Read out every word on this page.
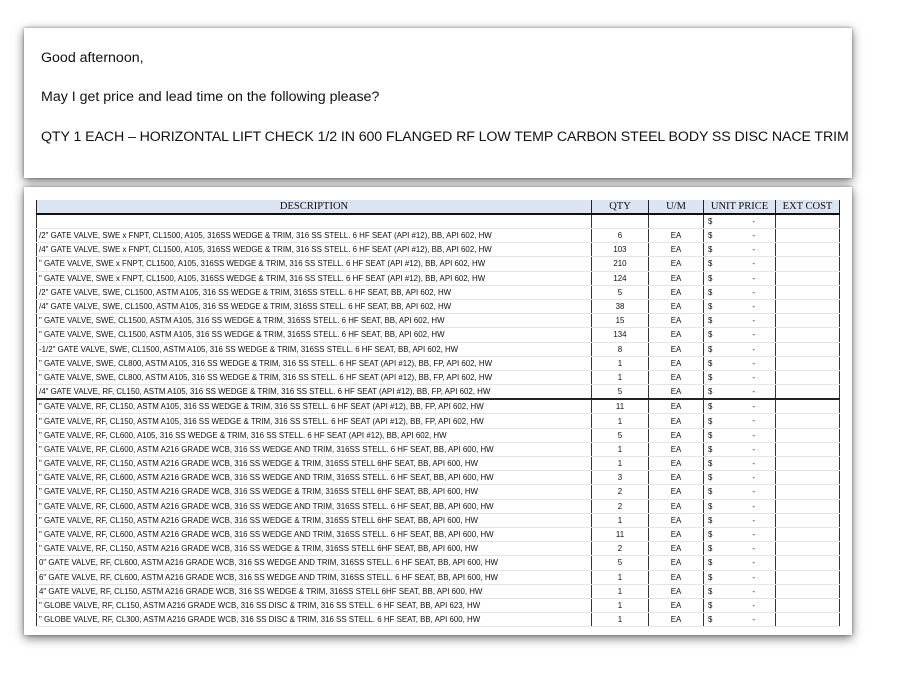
Good afternoon,

May I get price and lead time on the following please?

QTY 1 EACH – HORIZONTAL LIFT CHECK 1/2 IN 600 FLANGED RF LOW TEMP CARBON STEEL BODY SS DISC NACE TRIM

DESCRIPTION	QTY	U/M	UNIT PRICE	EXT COST
			$ -	

/2" GATE VALVE, SWE x FNPT, CL1500, A105, 316SS WEDGE & TRIM, 316 SS STELL. 6 HF SEAT (API #12), BB, API 602, HW	6	EA	$ -	

/4" GATE VALVE, SWE x FNPT, CL1500, A105, 316SS WEDGE & TRIM, 316 SS STELL. 6 HF SEAT (API #12), BB, API 602, HW	103	EA	$ -	

" GATE VALVE, SWE x FNPT, CL1500, A105, 316SS WEDGE & TRIM, 316 SS STELL. 6 HF SEAT (API #12), BB, API 602, HW	210	EA	$ -	

" GATE VALVE, SWE x FNPT, CL1500, A105, 316SS WEDGE & TRIM, 316 SS STELL. 6 HF SEAT (API #12), BB, API 602, HW	124	EA	$ -	

/2" GATE VALVE, SWE, CL1500, ASTM A105, 316 SS WEDGE & TRIM, 316SS STELL. 6 HF SEAT, BB, API 602, HW	5	EA	$ -	

/4" GATE VALVE, SWE, CL1500, ASTM A105, 316 SS WEDGE & TRIM, 316SS STELL. 6 HF SEAT, BB, API 602, HW	38	EA	$ -	

" GATE VALVE, SWE, CL1500, ASTM A105, 316 SS WEDGE & TRIM, 316SS STELL. 6 HF SEAT, BB, API 602, HW	15	EA	$ -	

" GATE VALVE, SWE, CL1500, ASTM A105, 316 SS WEDGE & TRIM, 316SS STELL. 6 HF SEAT, BB, API 602, HW	134	EA	$ -	

-1/2" GATE VALVE, SWE, CL1500, ASTM A105, 316 SS WEDGE & TRIM, 316SS STELL. 6 HF SEAT, BB, API 602, HW	8	EA	$ -	

" GATE VALVE, SWE, CL800, ASTM A105, 316 SS WEDGE & TRIM, 316 SS STELL. 6 HF SEAT (API #12), BB, FP, API 602, HW	1	EA	$ -	

" GATE VALVE, SWE, CL800, ASTM A105, 316 SS WEDGE & TRIM, 316 SS STELL. 6 HF SEAT (API #12), BB, FP, API 602, HW	1	EA	$ -	

/4" GATE VALVE, RF, CL150, ASTM A105, 316 SS WEDGE & TRIM, 316 SS STELL. 6 HF SEAT (API #12), BB, FP, API 602, HW	5	EA	$ -	

" GATE VALVE, RF, CL150, ASTM A105, 316 SS WEDGE & TRIM, 316 SS STELL. 6 HF SEAT (API #12), BB, FP, API 602, HW	11	EA	$ -	

" GATE VALVE, RF, CL150, ASTM A105, 316 SS WEDGE & TRIM, 316 SS STELL. 6 HF SEAT (API #12), BB, FP, API 602, HW	1	EA	$ -	

" GATE VALVE, RF, CL600, A105, 316 SS WEDGE & TRIM, 316 SS STELL. 6 HF SEAT (API #12), BB, API 602, HW	5	EA	$ -	

" GATE VALVE, RF, CL600, ASTM A216 GRADE WCB, 316 SS WEDGE AND TRIM, 316SS STELL. 6 HF SEAT, BB, API 600, HW	1	EA	$ -	

" GATE VALVE, RF, CL150, ASTM A216 GRADE WCB, 316 SS WEDGE & TRIM, 316SS STELL 6HF SEAT, BB, API 600, HW	1	EA	$ -	

" GATE VALVE, RF, CL600, ASTM A216 GRADE WCB, 316 SS WEDGE AND TRIM, 316SS STELL. 6 HF SEAT, BB, API 600, HW	3	EA	$ -	

" GATE VALVE, RF, CL150, ASTM A216 GRADE WCB, 316 SS WEDGE & TRIM, 316SS STELL 6HF SEAT, BB, API 600, HW	2	EA	$ -	

" GATE VALVE, RF, CL600, ASTM A216 GRADE WCB, 316 SS WEDGE AND TRIM, 316SS STELL. 6 HF SEAT, BB, API 600, HW	2	EA	$ -	

" GATE VALVE, RF, CL150, ASTM A216 GRADE WCB, 316 SS WEDGE & TRIM, 316SS STELL 6HF SEAT, BB, API 600, HW	1	EA	$ -	

" GATE VALVE, RF, CL600, ASTM A216 GRADE WCB, 316 SS WEDGE AND TRIM, 316SS STELL. 6 HF SEAT, BB, API 600, HW	11	EA	$ -	

" GATE VALVE, RF, CL150, ASTM A216 GRADE WCB, 316 SS WEDGE & TRIM, 316SS STELL 6HF SEAT, BB, API 600, HW	2	EA	$ -	

0" GATE VALVE, RF, CL600, ASTM A216 GRADE WCB, 316 SS WEDGE AND TRIM, 316SS STELL. 6 HF SEAT, BB, API 600, HW	5	EA	$ -	

6" GATE VALVE, RF, CL600, ASTM A216 GRADE WCB, 316 SS WEDGE AND TRIM, 316SS STELL. 6 HF SEAT, BB, API 600, HW	1	EA	$ -	

4" GATE VALVE, RF, CL150, ASTM A216 GRADE WCB, 316 SS WEDGE & TRIM, 316SS STELL 6HF SEAT, BB, API 600, HW	1	EA	$ -	

" GLOBE VALVE, RF, CL150, ASTM A216 GRADE WCB, 316 SS DISC & TRIM, 316 SS STELL. 6 HF SEAT, BB, API 623, HW	1	EA	$ -	

" GLOBE VALVE, RF, CL300, ASTM A216 GRADE WCB, 316 SS DISC & TRIM, 316 SS STELL. 6 HF SEAT, BB, API 600, HW	1	EA	$ -	
